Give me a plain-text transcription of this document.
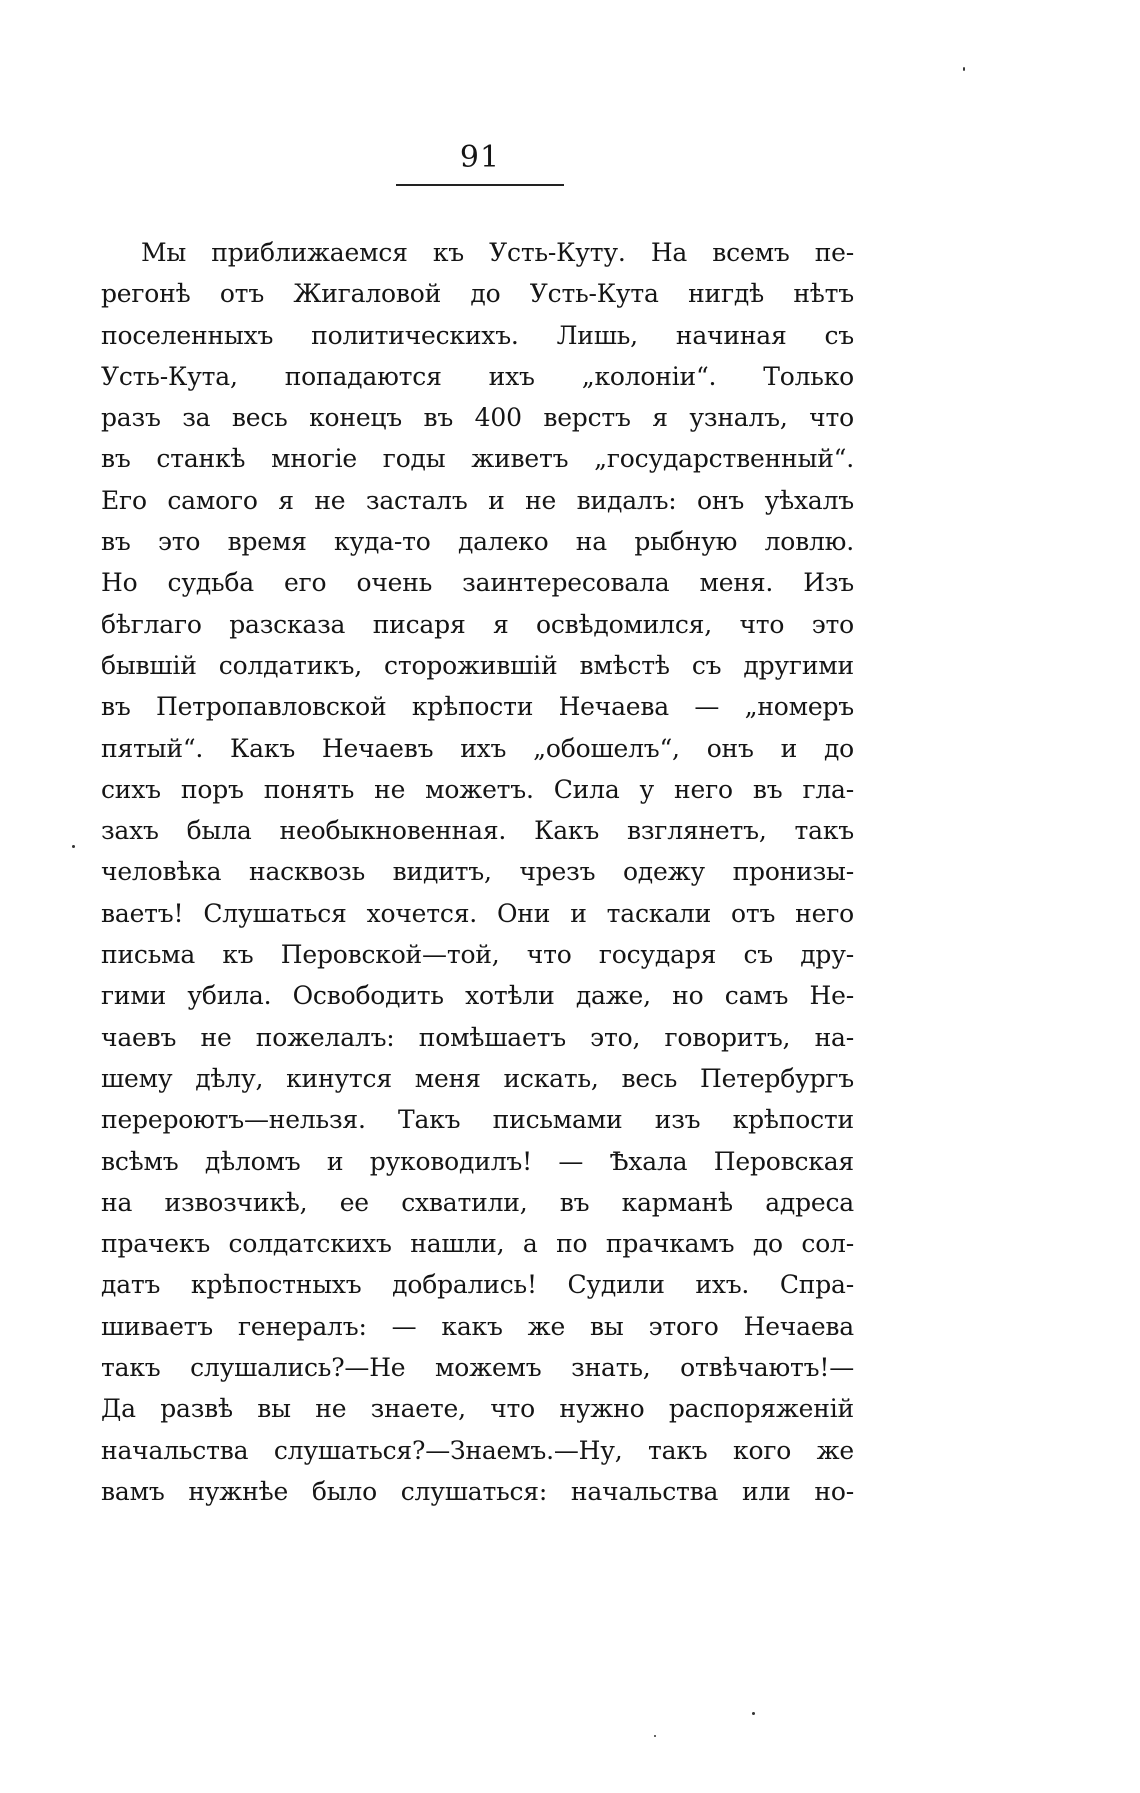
91
Мы приближаемся къ Усть-Куту. На всемъ пе-
регонѣ отъ Жигаловой до Усть-Кута нигдѣ нѣтъ
поселенныхъ политическихъ. Лишь, начиная съ
Усть-Кута, попадаются ихъ „колоніи“. Только
разъ за весь конецъ въ 400 верстъ я узналъ, что
въ станкѣ многіе годы живетъ „государственный“.
Его самого я не засталъ и не видалъ: онъ уѣхалъ
въ это время куда-то далеко на рыбную ловлю.
Но судьба его очень заинтересовала меня. Изъ
бѣглаго разсказа писаря я освѣдомился, что это
бывшій солдатикъ, сторожившій вмѣстѣ съ другими
въ Петропавловской крѣпости Нечаева — „номеръ
пятый“. Какъ Нечаевъ ихъ „обошелъ“, онъ и до
сихъ поръ понять не можетъ. Сила у него въ гла-
захъ была необыкновенная. Какъ взглянетъ, такъ
человѣка насквозь видитъ, чрезъ одежу пронизы-
ваетъ! Слушаться хочется. Они и таскали отъ него
письма къ Перовской—той, что государя съ дру-
гими убила. Освободить хотѣли даже, но самъ Не-
чаевъ не пожелалъ: помѣшаетъ это, говоритъ, на-
шему дѣлу, кинутся меня искать, весь Петербургъ
перероютъ—нельзя. Такъ письмами изъ крѣпости
всѣмъ дѣломъ и руководилъ! — Ѣхала Перовская
на извозчикѣ, ее схватили, въ карманѣ адреса
прачекъ солдатскихъ нашли, а по прачкамъ до сол-
датъ крѣпостныхъ добрались! Судили ихъ. Спра-
шиваетъ генералъ: — какъ же вы этого Нечаева
такъ слушались?—Не можемъ знать, отвѣчаютъ!—
Да развѣ вы не знаете, что нужно распоряженій
начальства слушаться?—Знаемъ.—Ну, такъ кого же
вамъ нужнѣе было слушаться: начальства или но-
